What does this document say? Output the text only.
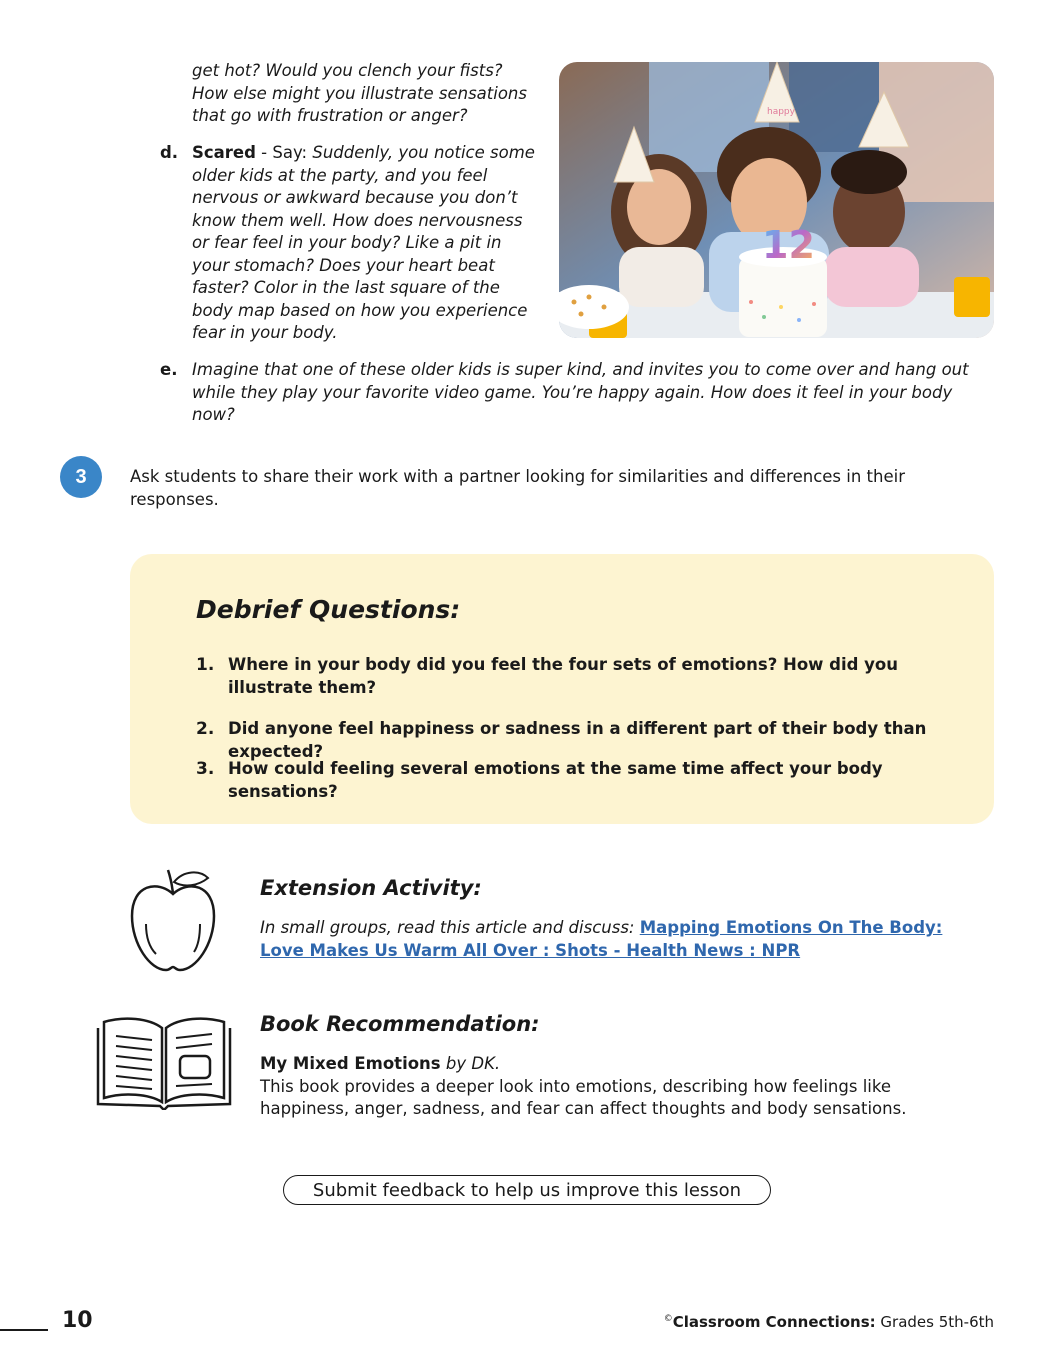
get hot? Would you clench your fists? How else might you illustrate sensations that go with frustration or anger?
d. Scared - Say: Suddenly, you notice some older kids at the party, and you feel nervous or awkward because you don’t know them well. How does nervousness or fear feel in your body? Like a pit in your stomach? Does your heart beat faster? Color in the last square of the body map based on how you experience fear in your body.
e. Imagine that one of these older kids is super kind, and invites you to come over and hang out while they play your favorite video game. You’re happy again. How does it feel in your body now?
happy
12
3	Ask students to share their work with a partner looking for similarities and differences in their responses.
Debrief Questions:
1. Where in your body did you feel the four sets of emotions? How did you illustrate them?
2. Did anyone feel happiness or sadness in a different part of their body than expected?
3. How could feeling several emotions at the same time affect your body sensations?
Extension Activity:
In small groups, read this article and discuss: Mapping Emotions On The Body: Love Makes Us Warm All Over : Shots - Health News : NPR
Book Recommendation:
My Mixed Emotions by DK.
This book provides a deeper look into emotions, describing how feelings like happiness, anger, sadness, and fear can affect thoughts and body sensations.
Submit feedback to help us improve this lesson
10	©Classroom Connections: Grades 5th-6th
